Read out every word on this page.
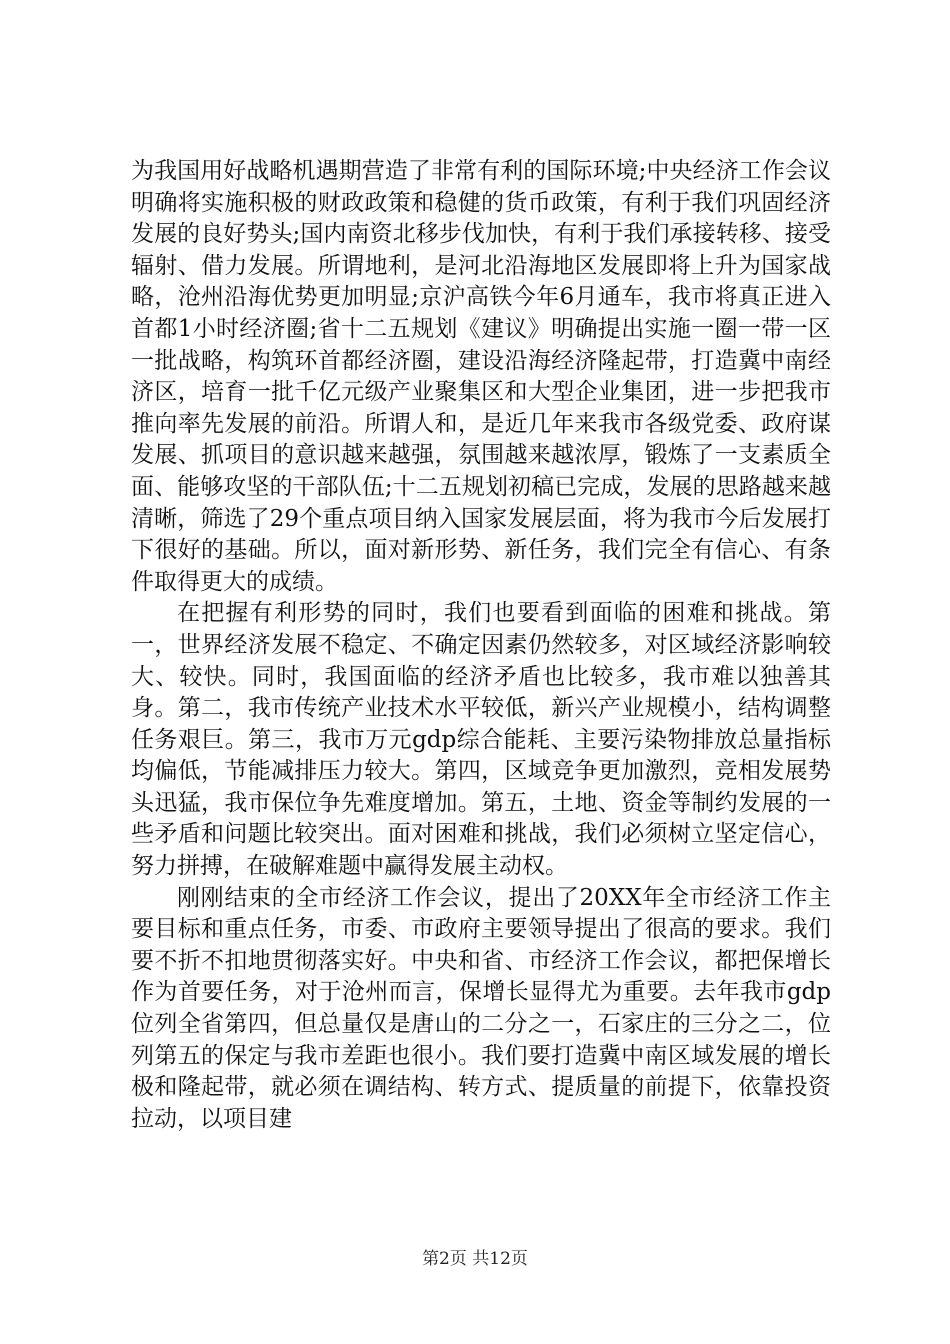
为我国用好战略机遇期营造了非常有利的国际环境;中央经济工作会议明确将实施积极的财政政策和稳健的货币政策，有利于我们巩固经济发展的良好势头;国内南资北移步伐加快，有利于我们承接转移、接受辐射、借力发展。所谓地利，是河北沿海地区发展即将上升为国家战略，沧州沿海优势更加明显;京沪高铁今年6月通车，我市将真正进入首都1小时经济圈;省十二五规划《建议》明确提出实施一圈一带一区一批战略，构筑环首都经济圈，建设沿海经济隆起带，打造冀中南经济区，培育一批千亿元级产业聚集区和大型企业集团，进一步把我市推向率先发展的前沿。所谓人和，是近几年来我市各级党委、政府谋发展、抓项目的意识越来越强，氛围越来越浓厚，锻炼了一支素质全面、能够攻坚的干部队伍;十二五规划初稿已完成，发展的思路越来越清晰，筛选了29个重点项目纳入国家发展层面，将为我市今后发展打下很好的基础。所以，面对新形势、新任务，我们完全有信心、有条件取得更大的成绩。

在把握有利形势的同时，我们也要看到面临的困难和挑战。第一，世界经济发展不稳定、不确定因素仍然较多，对区域经济影响较大、较快。同时，我国面临的经济矛盾也比较多，我市难以独善其身。第二，我市传统产业技术水平较低，新兴产业规模小，结构调整任务艰巨。第三，我市万元gdp综合能耗、主要污染物排放总量指标均偏低，节能减排压力较大。第四，区域竞争更加激烈，竞相发展势头迅猛，我市保位争先难度增加。第五，土地、资金等制约发展的一些矛盾和问题比较突出。面对困难和挑战，我们必须树立坚定信心，努力拼搏，在破解难题中赢得发展主动权。

刚刚结束的全市经济工作会议，提出了20XX年全市经济工作主要目标和重点任务，市委、市政府主要领导提出了很高的要求。我们要不折不扣地贯彻落实好。中央和省、市经济工作会议，都把保增长作为首要任务，对于沧州而言，保增长显得尤为重要。去年我市gdp位列全省第四，但总量仅是唐山的二分之一，石家庄的三分之二，位列第五的保定与我市差距也很小。我们要打造冀中南区域发展的增长极和隆起带，就必须在调结构、转方式、提质量的前提下，依靠投资拉动，以项目建

第2页 共12页
